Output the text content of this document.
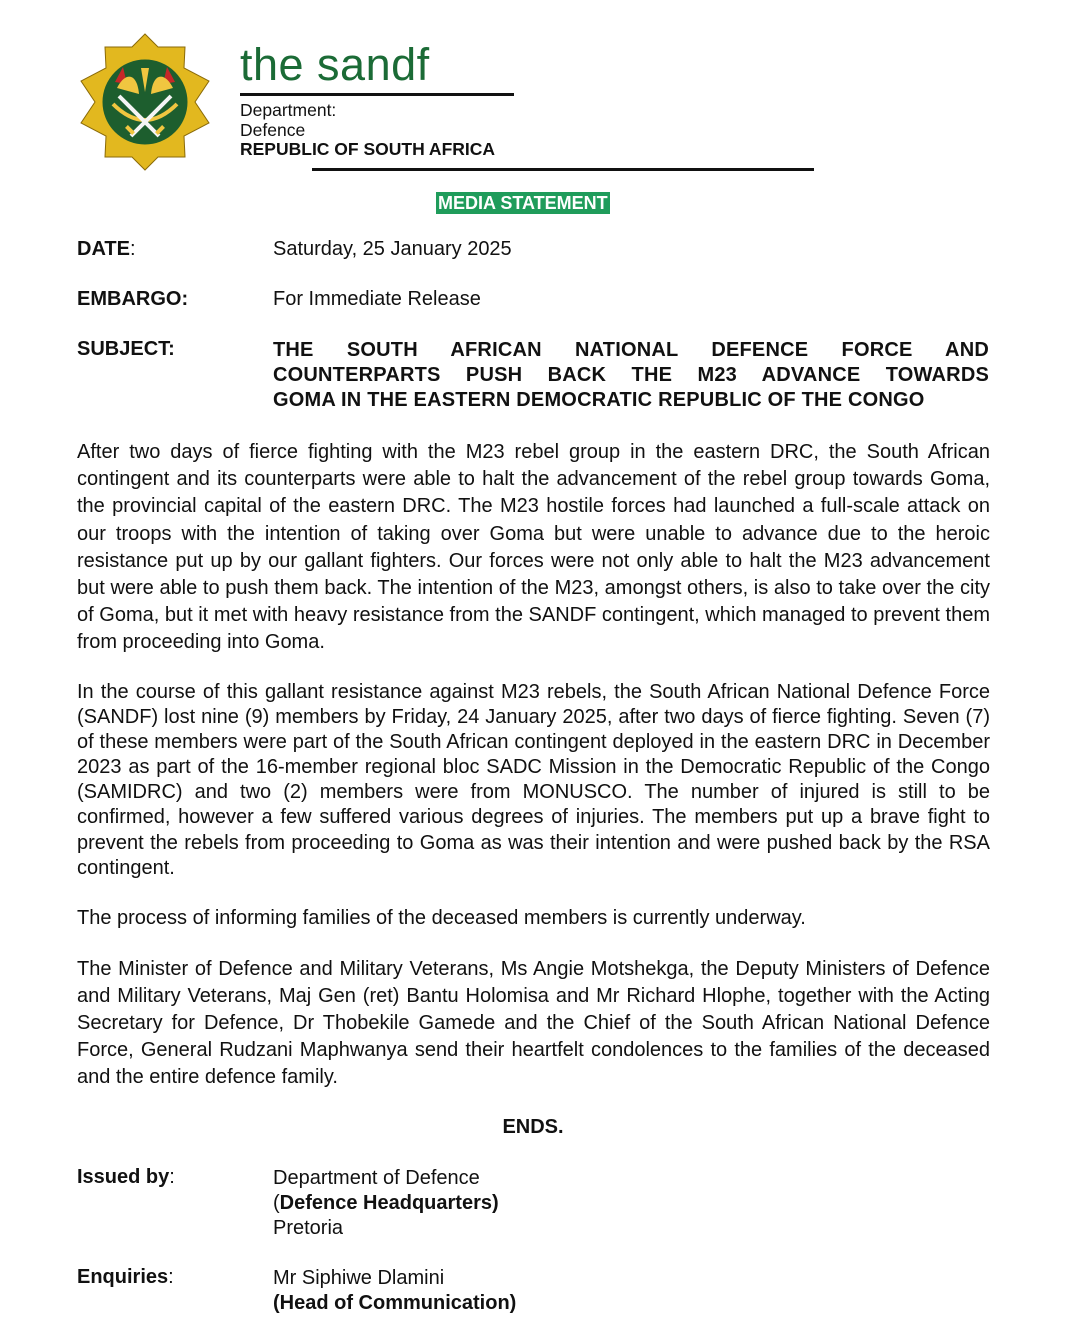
the sandf
Department:
Defence
REPUBLIC OF SOUTH AFRICA
MEDIA STATEMENT
DATE:	Saturday, 25 January 2025
EMBARGO:	For Immediate Release
SUBJECT:	THE SOUTH AFRICAN NATIONAL DEFENCE FORCE AND
COUNTERPARTS PUSH BACK THE M23 ADVANCE TOWARDS
GOMA IN THE EASTERN DEMOCRATIC REPUBLIC OF THE CONGO

After two days of fierce fighting with the M23 rebel group in the eastern DRC, the South African contingent and its counterparts were able to halt the advancement of the rebel group towards Goma, the provincial capital of the eastern DRC. The M23 hostile forces had launched a full-scale attack on our troops with the intention of taking over Goma but were unable to advance due to the heroic resistance put up by our gallant fighters. Our forces were not only able to halt the M23 advancement but were able to push them back. The intention of the M23, amongst others, is also to take over the city of Goma, but it met with heavy resistance from the SANDF contingent, which managed to prevent them from proceeding into Goma.

In the course of this gallant resistance against M23 rebels, the South African National Defence Force (SANDF) lost nine (9) members by Friday, 24 January 2025, after two days of fierce fighting. Seven (7) of these members were part of the South African contingent deployed in the eastern DRC in December 2023 as part of the 16-member regional bloc SADC Mission in the Democratic Republic of the Congo (SAMIDRC) and two (2) members were from MONUSCO. The number of injured is still to be confirmed, however a few suffered various degrees of injuries. The members put up a brave fight to prevent the rebels from proceeding to Goma as was their intention and were pushed back by the RSA contingent.

The process of informing families of the deceased members is currently underway.

The Minister of Defence and Military Veterans, Ms Angie Motshekga, the Deputy Ministers of Defence and Military Veterans, Maj Gen (ret) Bantu Holomisa and Mr Richard Hlophe, together with the Acting Secretary for Defence, Dr Thobekile Gamede and the Chief of the South African National Defence Force, General Rudzani Maphwanya send their heartfelt condolences to the families of the deceased and the entire defence family.

ENDS.
Issued by:	Department of Defence
(Defence Headquarters)
Pretoria
Enquiries:	Mr Siphiwe Dlamini
(Head of Communication)
